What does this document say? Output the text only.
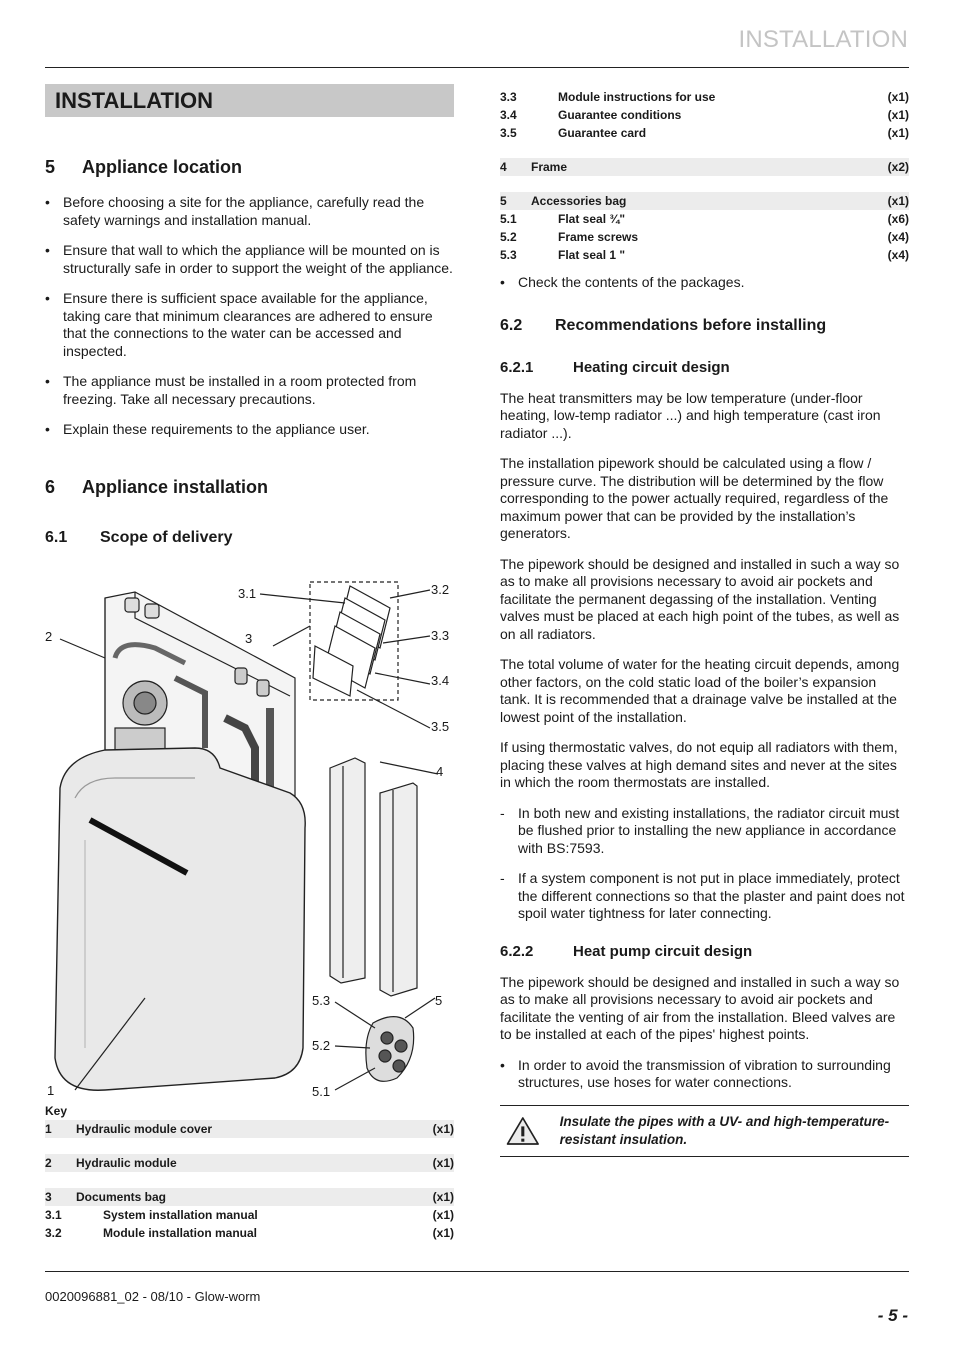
INSTALLATION
INSTALLATION
5	Appliance location
• Before choosing a site for the appliance, carefully read the safety warnings and installation manual.
• Ensure that wall to which the appliance will be mounted on is structurally safe in order to support the weight of the appliance.
• Ensure there is sufficient space available for the appliance, taking care that minimum clearances are adhered to ensure that the connections to the water can be accessed and inspected.
• The appliance must be installed in a room protected from freezing. Take all necessary precautions.
• Explain these requirements to the appliance user.
6	Appliance installation
6.1	Scope of delivery
2
1
3.1
3
3.2
3.3
3.4
3.5
4
5
5.3
5.2
5.1
Key
1	Hydraulic module cover	(x1)

2	Hydraulic module	(x1)

3	Documents bag	(x1)
3.1	System installation manual	(x1)
3.2	Module installation manual	(x1)
3.3	Module instructions for use	(x1)
3.4	Guarantee conditions	(x1)
3.5	Guarantee card	(x1)

4	Frame	(x2)

5	Accessories bag	(x1)
5.1	Flat seal ¾"	(x6)
5.2	Frame screws	(x4)
5.3	Flat seal 1 "	(x4)
• Check the contents of the packages.
6.2	Recommendations before installing
6.2.1	Heating circuit design

The heat transmitters may be low temperature (under-floor heating, low-temp radiator ...) and high temperature (cast iron radiator ...).

The installation pipework should be calculated using a flow / pressure curve. The distribution will be determined by the flow corresponding to the power actually required, regardless of the maximum power that can be provided by the installation’s generators.

The pipework should be designed and installed in such a way so as to make all provisions necessary to avoid air pockets and facilitate the permanent degassing of the installation. Venting valves must be placed at each high point of the tubes, as well as on all radiators.

The total volume of water for the heating circuit depends, among other factors, on the cold static load of the boiler’s expansion tank. It is recommended that a drainage valve be installed at the lowest point of the installation.

If using thermostatic valves, do not equip all radiators with them, placing these valves at high demand sites and never at the sites in which the room thermostats are installed.

- In both new and existing installations, the radiator circuit must be flushed prior to installing the new appliance in accordance with BS:7593.
- If a system component is not put in place immediately, protect the different connections so that the plaster and paint does not spoil water tightness for later connecting.
6.2.2	Heat pump circuit design

The pipework should be designed and installed in such a way so as to make all provisions necessary to avoid air pockets and facilitate the venting of air from the installation. Bleed valves are to be installed at each of the pipes' highest points.

• In order to avoid the transmission of vibration to surrounding structures, use hoses for water connections.
Insulate the pipes with a UV- and high-temperature-resistant insulation.
0020096881_02 - 08/10 - Glow-worm
- 5 -
